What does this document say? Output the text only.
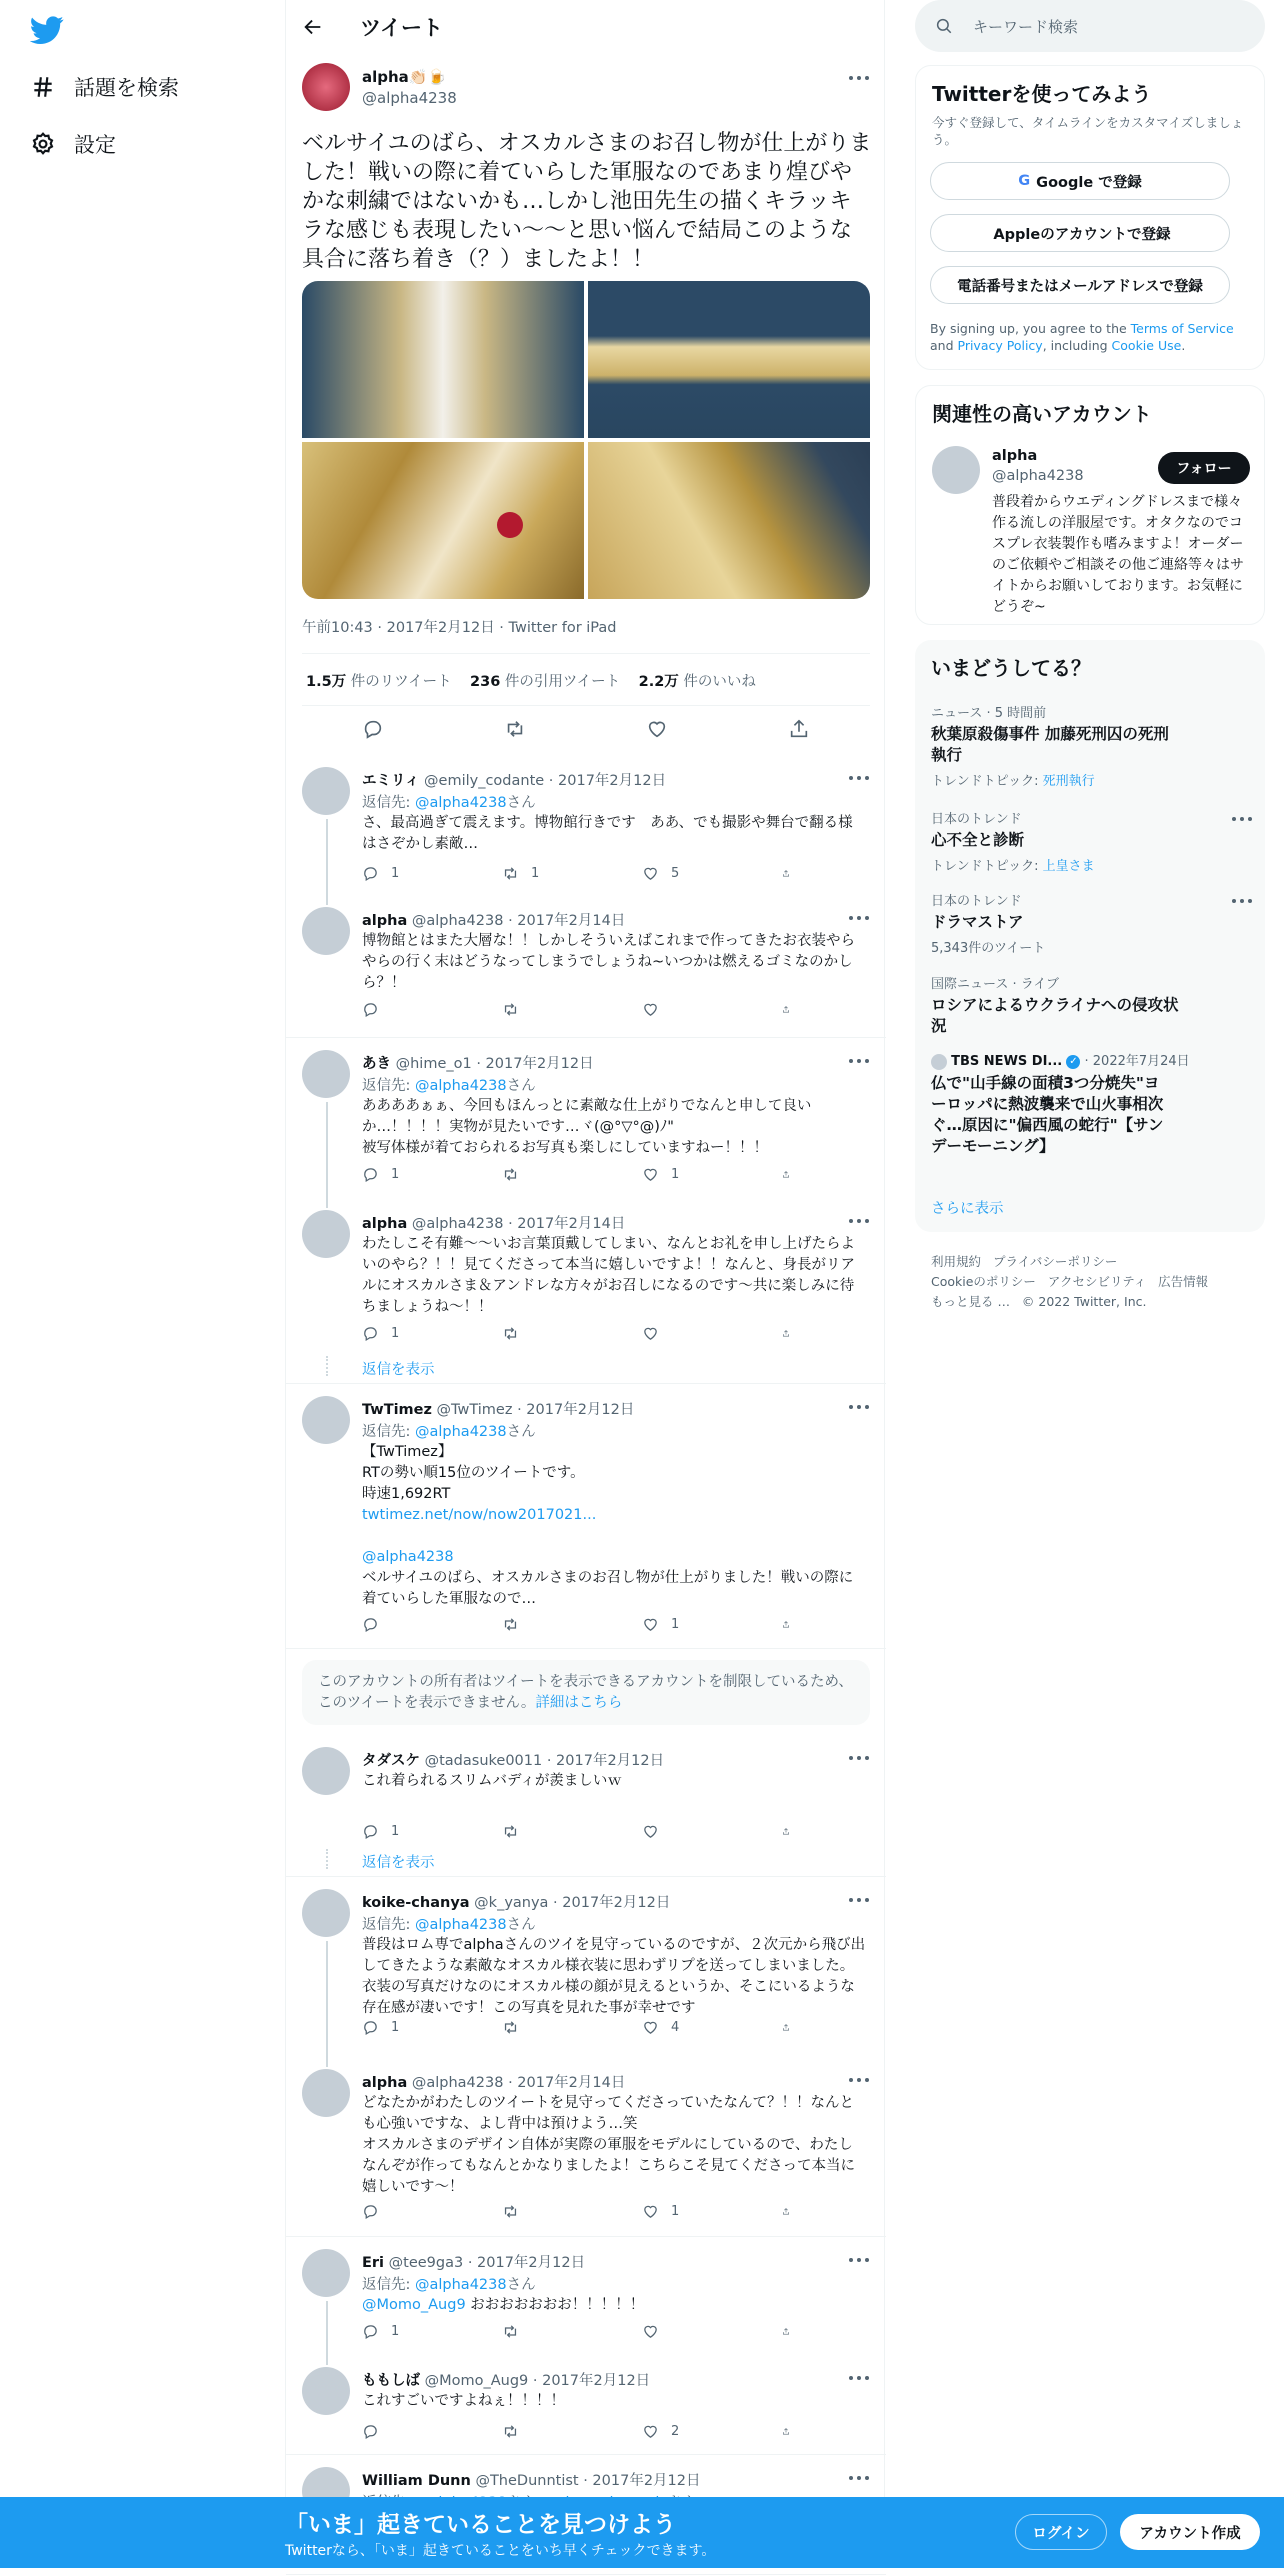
話題を検索
設定
ツイート
alpha👏🏻🍺
@alpha4238
ベルサイユのばら、オスカルさまのお召し物が仕上がりました！戦いの際に着ていらした軍服なのであまり煌びやかな刺繍ではないかも…しかし池田先生の描くキラッキラな感じも表現したい〜〜と思い悩んで結局このような具合に落ち着き（？）ましたよ！！
午前10:43 · 2017年2月12日 · Twitter for iPad
1.5万 件のリツイート 236 件の引用ツイート 2.2万 件のいいね
エミリィ @emily_codante · 2017年2月12日
返信先: @alpha4238さん
さ、最高過ぎて震えます。博物館行きです　ああ、でも撮影や舞台で翻る様はさぞかし素敵…
1	1	5
alpha @alpha4238 · 2017年2月14日
博物館とはまた大層な！！しかしそういえばこれまで作ってきたお衣装やらやらの行く末はどうなってしまうでしょうね~いつかは燃えるゴミなのかしら？！
あき @hime_o1 · 2017年2月12日
返信先: @alpha4238さん
ああああぁぁ、今回もほんっとに素敵な仕上がりでなんと申して良いか…！！！！実物が見たいです…ヾ(@°▽°@)ﾉ"
被写体様が着ておられるお写真も楽しにしていますねー！！！
1	1
alpha @alpha4238 · 2017年2月14日
わたしこそ有難～～いお言葉頂戴してしまい、なんとお礼を申し上げたらよいのやら？！！見てくださって本当に嬉しいですよ！！なんと、身長がリアルにオスカルさま＆アンドレな方々がお召しになるのです～共に楽しみに待ちましょうね～！！
1
返信を表示
TwTimez @TwTimez · 2017年2月12日
返信先: @alpha4238さん
【TwTimez】
RTの勢い順15位のツイートです。
時速1,692RT
twtimez.net/now/now2017021...

@alpha4238
ベルサイユのばら、オスカルさまのお召し物が仕上がりました！戦いの際に着ていらした軍服なので…
1
タダスケ @tadasuke0011 · 2017年2月12日
これ着られるスリムバディが羨ましいｗ
1
返信を表示
koike-chanya @k_yanya · 2017年2月12日
返信先: @alpha4238さん
普段はロム専でalphaさんのツイを見守っているのですが、２次元から飛び出してきたような素敵なオスカル様衣装に思わずリプを送ってしまいました。衣装の写真だけなのにオスカル様の顔が見えるというか、そこにいるような存在感が凄いです！この写真を見れた事が幸せです
1	4
alpha @alpha4238 · 2017年2月14日
どなたかがわたしのツイートを見守ってくださっていたなんて？！！なんとも心強いですな、よし背中は預けよう…笑
オスカルさまのデザイン自体が実際の軍服をモデルにしているので、わたしなんぞが作ってもなんとかなりましたよ！こちらこそ見てくださって本当に嬉しいです～！
1
Eri @tee9ga3 · 2017年2月12日
返信先: @alpha4238さん
@Momo_Aug9 おおおおおおお！！！！！
1
ももしば @Momo_Aug9 · 2017年2月12日
これすごいですよねぇ！！！！
2
William Dunn @TheDunntist · 2017年2月12日
このアカウントの所有者はツイートを表示できるアカウントを制限しているため、このツイートを表示できません。詳細はこちら
キーワード検索
Twitterを使ってみよう
今すぐ登録して、タイムラインをカスタマイズしましょう。
G Google で登録
Appleのアカウントで登録
電話番号またはメールアドレスで登録
By signing up, you agree to the Terms of Service and Privacy Policy, including Cookie Use.
関連性の高いアカウント
alpha
@alpha4238	フォロー
普段着からウエディングドレスまで様々作る流しの洋服屋です。オタクなのでコスプレ衣装製作も嗜みますよ！オーダーのご依頼やご相談その他ご連絡等々はサイトからお願いしております。お気軽にどうぞ~
いまどうしてる？
ニュース · 5 時間前
秋葉原殺傷事件 加藤死刑囚の死刑執行
トレンドトピック: 死刑執行
日本のトレンド
心不全と診断
トレンドトピック: 上皇さま
日本のトレンド
ドラマストア
5,343件のツイート
国際ニュース · ライブ
ロシアによるウクライナへの侵攻状況
TBS NEWS DI... ✓ · 2022年7月24日
仏で"山手線の面積3つ分焼失"ヨーロッパに熱波襲来で山火事相次ぐ…原因に"偏西風の蛇行"【サンデーモーニング】
さらに表示
利用規約 プライバシーポリシー
Cookieのポリシー アクセシビリティ 広告情報
もっと見る … © 2022 Twitter, Inc.
「いま」起きていることを見つけよう
Twitterなら、「いま」起きていることをいち早くチェックできます。
ログイン	アカウント作成
